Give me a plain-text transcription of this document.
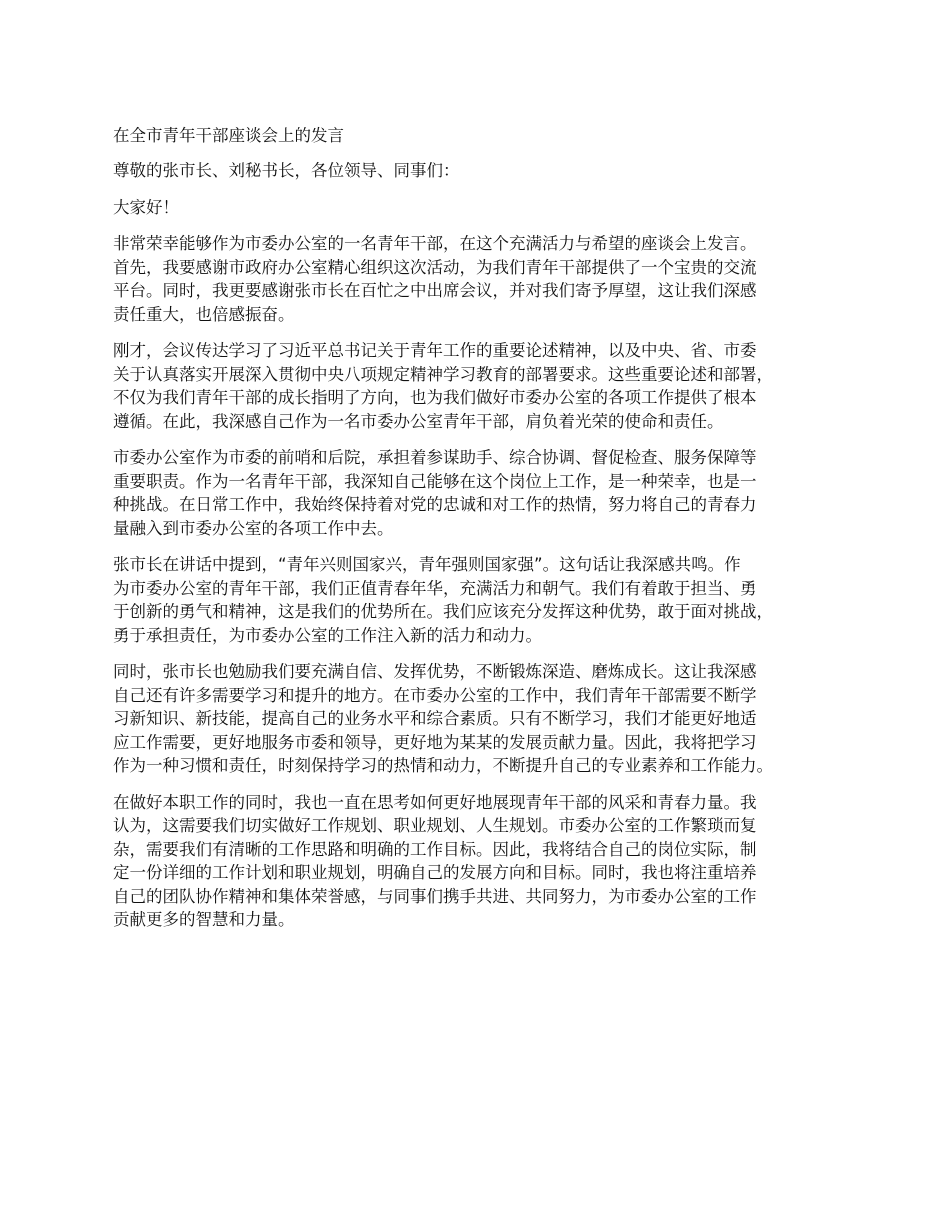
在全市青年干部座谈会上的发言
尊敬的张市长、刘秘书长，各位领导、同事们：
大家好！
非常荣幸能够作为市委办公室的一名青年干部，在这个充满活力与希望的座谈会上发言。
首先，我要感谢市政府办公室精心组织这次活动，为我们青年干部提供了一个宝贵的交流
平台。同时，我更要感谢张市长在百忙之中出席会议，并对我们寄予厚望，这让我们深感
责任重大，也倍感振奋。
刚才，会议传达学习了习近平总书记关于青年工作的重要论述精神，以及中央、省、市委
关于认真落实开展深入贯彻中央八项规定精神学习教育的部署要求。这些重要论述和部署，
不仅为我们青年干部的成长指明了方向，也为我们做好市委办公室的各项工作提供了根本
遵循。在此，我深感自己作为一名市委办公室青年干部，肩负着光荣的使命和责任。
市委办公室作为市委的前哨和后院，承担着参谋助手、综合协调、督促检查、服务保障等
重要职责。作为一名青年干部，我深知自己能够在这个岗位上工作，是一种荣幸，也是一
种挑战。在日常工作中，我始终保持着对党的忠诚和对工作的热情，努力将自己的青春力
量融入到市委办公室的各项工作中去。
张市长在讲话中提到，“青年兴则国家兴，青年强则国家强”。这句话让我深感共鸣。作
为市委办公室的青年干部，我们正值青春年华，充满活力和朝气。我们有着敢于担当、勇
于创新的勇气和精神，这是我们的优势所在。我们应该充分发挥这种优势，敢于面对挑战，
勇于承担责任，为市委办公室的工作注入新的活力和动力。
同时，张市长也勉励我们要充满自信、发挥优势，不断锻炼深造、磨炼成长。这让我深感
自己还有许多需要学习和提升的地方。在市委办公室的工作中，我们青年干部需要不断学
习新知识、新技能，提高自己的业务水平和综合素质。只有不断学习，我们才能更好地适
应工作需要，更好地服务市委和领导，更好地为某某的发展贡献力量。因此，我将把学习
作为一种习惯和责任，时刻保持学习的热情和动力，不断提升自己的专业素养和工作能力。
在做好本职工作的同时，我也一直在思考如何更好地展现青年干部的风采和青春力量。我
认为，这需要我们切实做好工作规划、职业规划、人生规划。市委办公室的工作繁琐而复
杂，需要我们有清晰的工作思路和明确的工作目标。因此，我将结合自己的岗位实际，制
定一份详细的工作计划和职业规划，明确自己的发展方向和目标。同时，我也将注重培养
自己的团队协作精神和集体荣誉感，与同事们携手共进、共同努力，为市委办公室的工作
贡献更多的智慧和力量。
